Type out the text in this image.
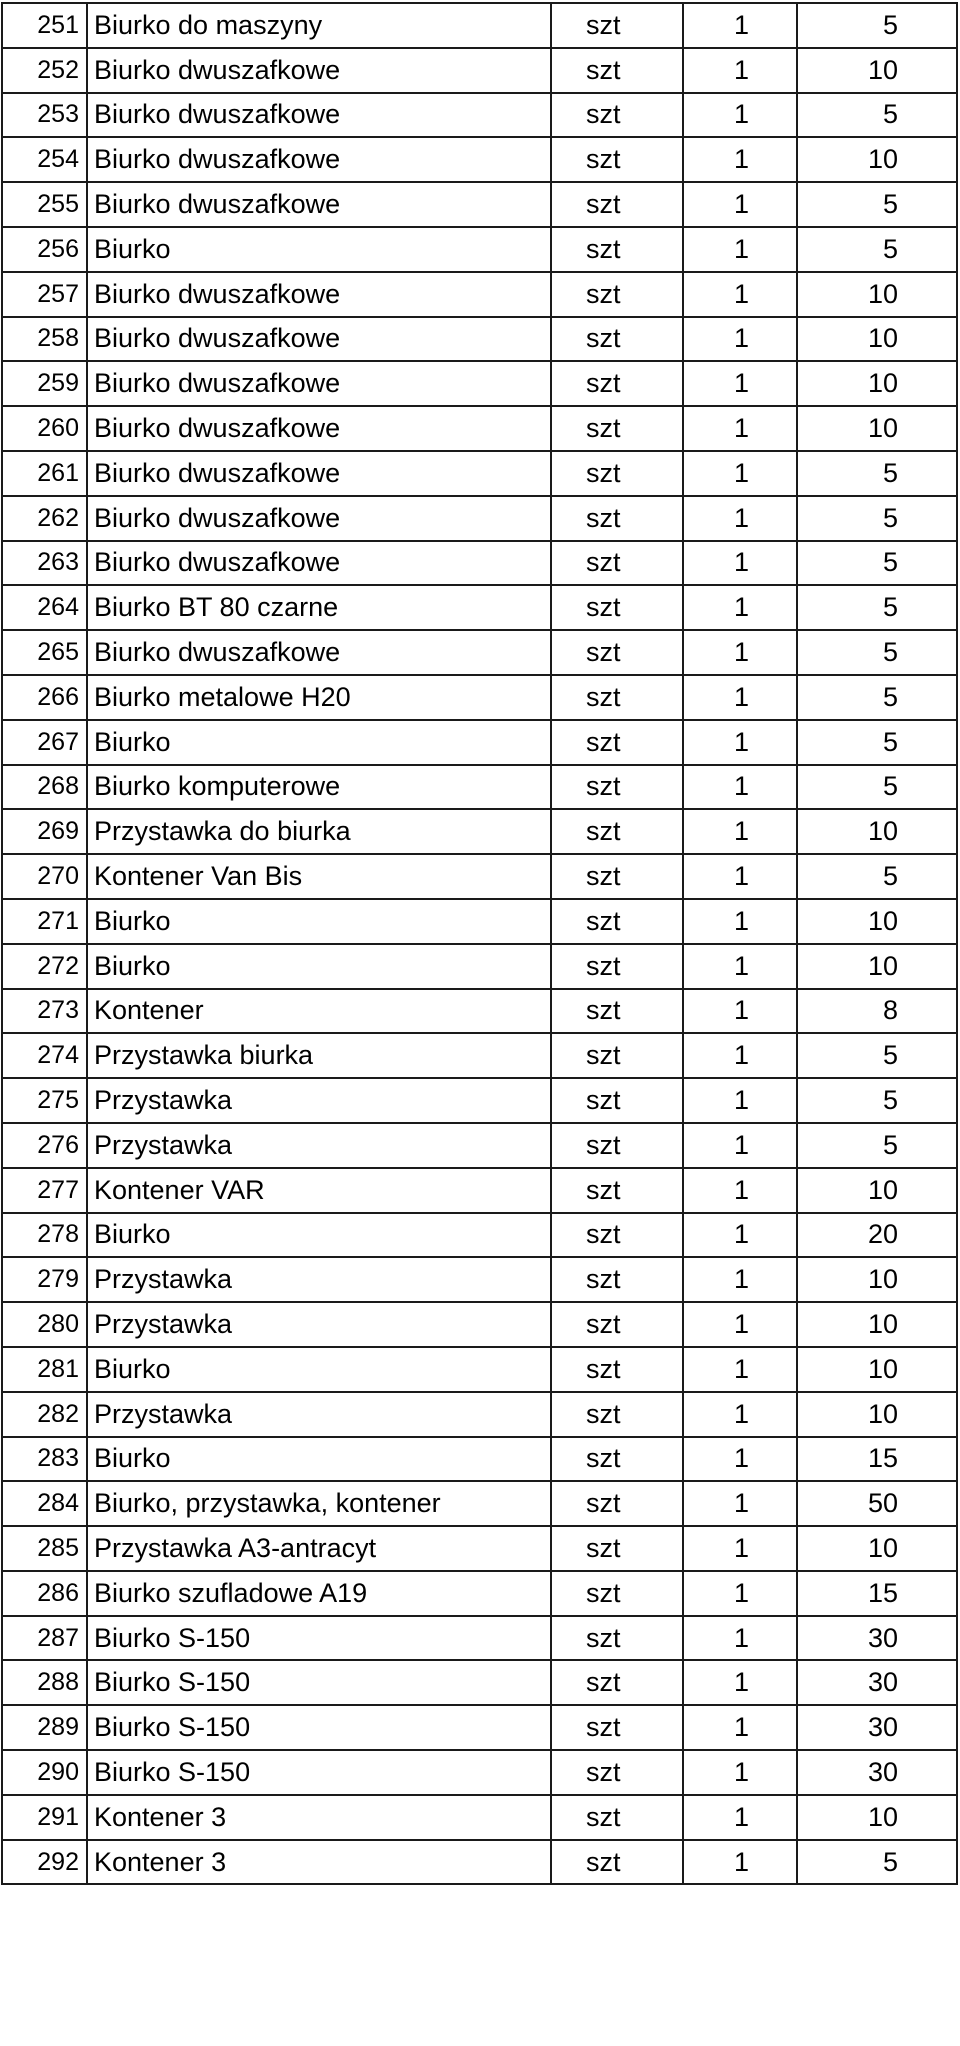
251	Biurko do maszyny	szt	1	5
252	Biurko dwuszafkowe	szt	1	10
253	Biurko dwuszafkowe	szt	1	5
254	Biurko dwuszafkowe	szt	1	10
255	Biurko dwuszafkowe	szt	1	5
256	Biurko	szt	1	5
257	Biurko dwuszafkowe	szt	1	10
258	Biurko dwuszafkowe	szt	1	10
259	Biurko dwuszafkowe	szt	1	10
260	Biurko dwuszafkowe	szt	1	10
261	Biurko dwuszafkowe	szt	1	5
262	Biurko dwuszafkowe	szt	1	5
263	Biurko dwuszafkowe	szt	1	5
264	Biurko BT 80 czarne	szt	1	5
265	Biurko dwuszafkowe	szt	1	5
266	Biurko metalowe H20	szt	1	5
267	Biurko	szt	1	5
268	Biurko komputerowe	szt	1	5
269	Przystawka do biurka	szt	1	10
270	Kontener Van Bis	szt	1	5
271	Biurko	szt	1	10
272	Biurko	szt	1	10
273	Kontener	szt	1	8
274	Przystawka biurka	szt	1	5
275	Przystawka	szt	1	5
276	Przystawka	szt	1	5
277	Kontener VAR	szt	1	10
278	Biurko	szt	1	20
279	Przystawka	szt	1	10
280	Przystawka	szt	1	10
281	Biurko	szt	1	10
282	Przystawka	szt	1	10
283	Biurko	szt	1	15
284	Biurko, przystawka, kontener	szt	1	50
285	Przystawka A3-antracyt	szt	1	10
286	Biurko szufladowe A19	szt	1	15
287	Biurko S-150	szt	1	30
288	Biurko S-150	szt	1	30
289	Biurko S-150	szt	1	30
290	Biurko S-150	szt	1	30
291	Kontener 3	szt	1	10
292	Kontener 3	szt	1	5
